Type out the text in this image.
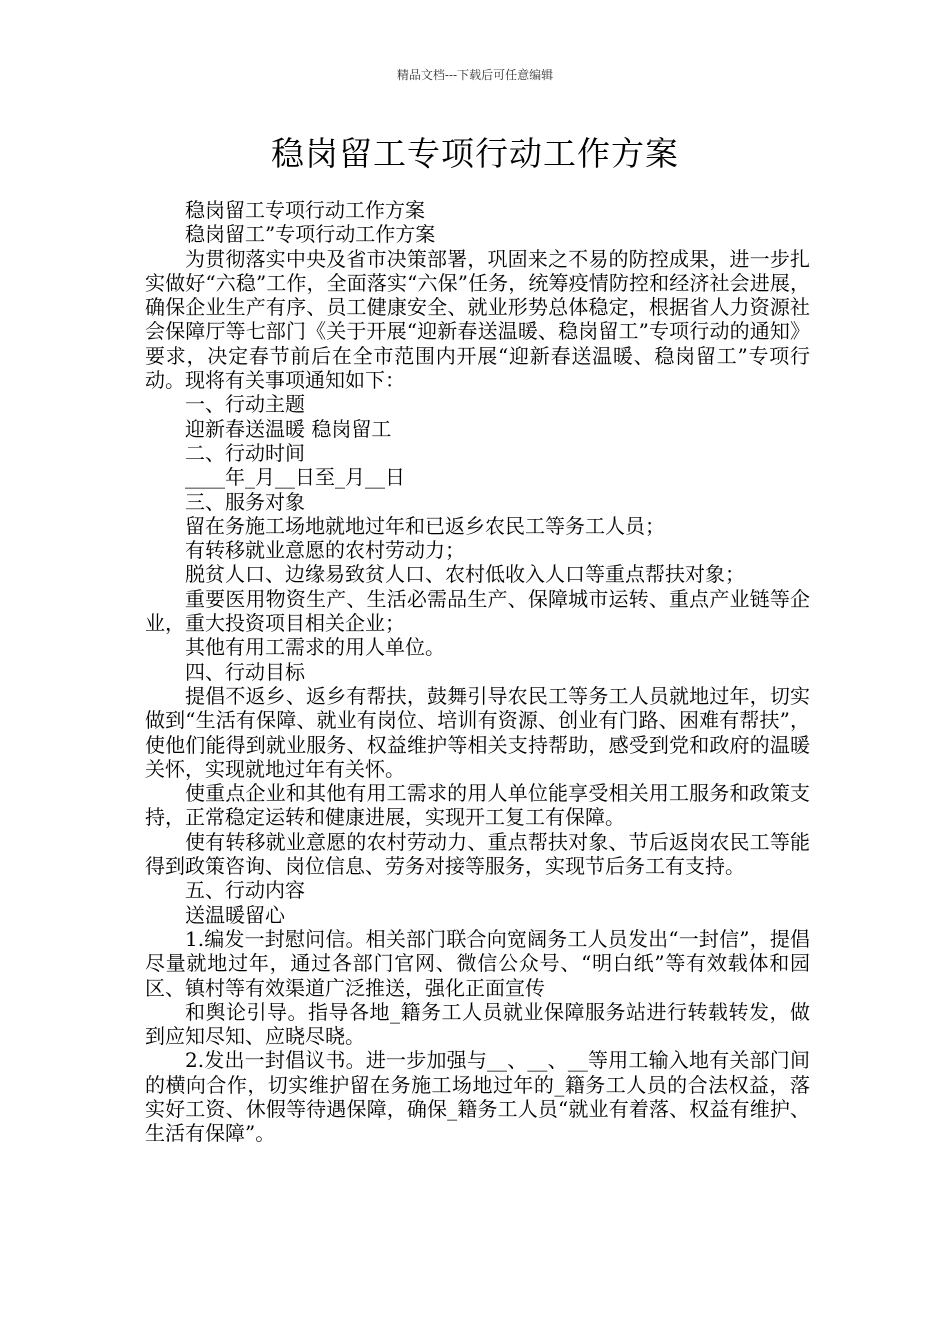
精品文档---下载后可任意编辑
稳岗留工专项行动工作方案

稳岗留工专项行动工作方案

稳岗留工”专项行动工作方案

为贯彻落实中央及省市决策部署，巩固来之不易的防控成果，进一步扎实做好“六稳”工作，全面落实“六保”任务，统筹疫情防控和经济社会进展，确保企业生产有序、员工健康安全、就业形势总体稳定，根据省人力资源社会保障厅等七部门《关于开展“迎新春送温暖、稳岗留工”专项行动的通知》要求，决定春节前后在全市范围内开展“迎新春送温暖、稳岗留工”专项行动。现将有关事项通知如下：

一、行动主题

迎新春送温暖 稳岗留工

二、行动时间

____年_月__日至_月__日

三、服务对象

留在务施工场地就地过年和已返乡农民工等务工人员；

有转移就业意愿的农村劳动力；

脱贫人口、边缘易致贫人口、农村低收入人口等重点帮扶对象；

重要医用物资生产、生活必需品生产、保障城市运转、重点产业链等企业，重大投资项目相关企业；

其他有用工需求的用人单位。

四、行动目标

提倡不返乡、返乡有帮扶，鼓舞引导农民工等务工人员就地过年，切实做到“生活有保障、就业有岗位、培训有资源、创业有门路、困难有帮扶”，使他们能得到就业服务、权益维护等相关支持帮助，感受到党和政府的温暖关怀，实现就地过年有关怀。

使重点企业和其他有用工需求的用人单位能享受相关用工服务和政策支持，正常稳定运转和健康进展，实现开工复工有保障。

使有转移就业意愿的农村劳动力、重点帮扶对象、节后返岗农民工等能得到政策咨询、岗位信息、劳务对接等服务，实现节后务工有支持。

五、行动内容

送温暖留心

1.编发一封慰问信。相关部门联合向宽阔务工人员发出“一封信”，提倡尽量就地过年，通过各部门官网、微信公众号、“明白纸”等有效载体和园区、镇村等有效渠道广泛推送，强化正面宣传

和舆论引导。指导各地_籍务工人员就业保障服务站进行转载转发，做到应知尽知、应晓尽晓。

2.发出一封倡议书。进一步加强与__、__、__等用工输入地有关部门间的横向合作，切实维护留在务施工场地过年的_籍务工人员的合法权益，落实好工资、休假等待遇保障，确保_籍务工人员“就业有着落、权益有维护、生活有保障”。
